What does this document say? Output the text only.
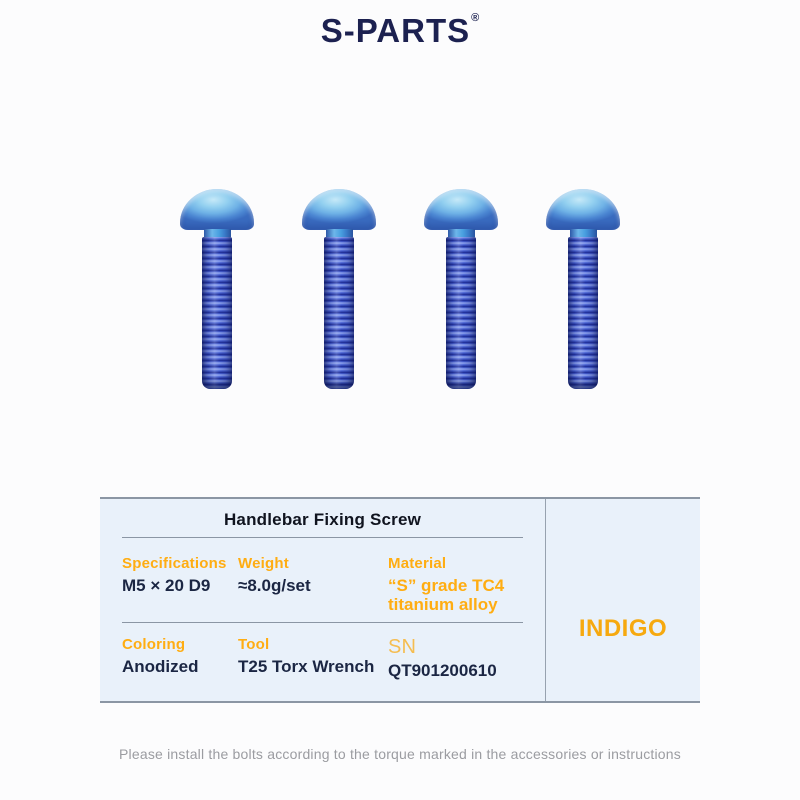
S-PARTS®
Handlebar Fixing Screw
Specifications
M5 × 20 D9
Weight
≈8.0g/set
Material
“S” grade TC4 titanium alloy
Coloring
Anodized
Tool
T25 Torx Wrench
SN
QT901200610
INDIGO
Please install the bolts according to the torque marked in the accessories or instructions
